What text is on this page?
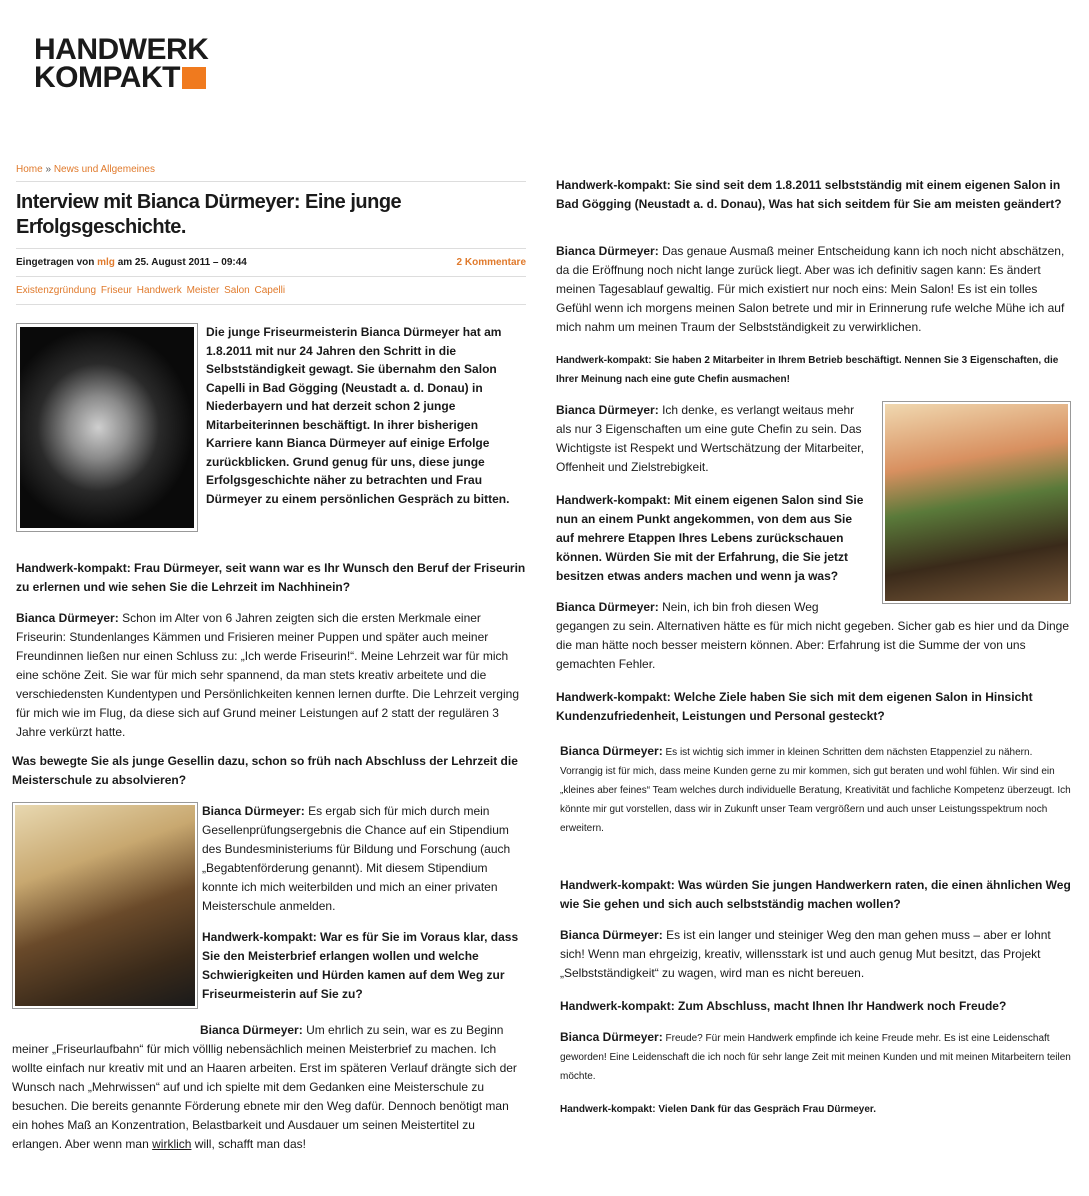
HANDWERK
KOMPAKT
Home » News und Allgemeines
Interview mit Bianca Dürmeyer: Eine junge Erfolgsgeschichte.
Eingetragen von mlg am 25. August 2011 – 09:44	2 Kommentare
Existenzgründung Friseur Handwerk Meister Salon Capelli

Die junge Friseurmeisterin Bianca Dürmeyer hat am 1.8.2011 mit nur 24 Jahren den Schritt in die Selbstständigkeit gewagt. Sie übernahm den Salon Capelli in Bad Gögging (Neustadt a. d. Donau) in Niederbayern und hat derzeit schon 2 junge Mitarbeiterinnen beschäftigt. In ihrer bisherigen Karriere kann Bianca Dürmeyer auf einige Erfolge zurückblicken. Grund genug für uns, diese junge Erfolgsgeschichte näher zu betrachten und Frau Dürmeyer zu einem persönlichen Gespräch zu bitten.

Handwerk-kompakt: Frau Dürmeyer, seit wann war es Ihr Wunsch den Beruf der Friseurin zu erlernen und wie sehen Sie die Lehrzeit im Nachhinein?

Bianca Dürmeyer: Schon im Alter von 6 Jahren zeigten sich die ersten Merkmale einer Friseurin: Stundenlanges Kämmen und Frisieren meiner Puppen und später auch meiner Freundinnen ließen nur einen Schluss zu: „Ich werde Friseurin!“. Meine Lehrzeit war für mich eine schöne Zeit. Sie war für mich sehr spannend, da man stets kreativ arbeitete und die verschiedensten Kundentypen und Persönlichkeiten kennen lernen durfte. Die Lehrzeit verging für mich wie im Flug, da diese sich auf Grund meiner Leistungen auf 2 statt der regulären 3 Jahre verkürzt hatte.

Was bewegte Sie als junge Gesellin dazu, schon so früh nach Abschluss der Lehrzeit die Meisterschule zu absolvieren?

Bianca Dürmeyer: Es ergab sich für mich durch mein Gesellenprüfungsergebnis die Chance auf ein Stipendium des Bundesministeriums für Bildung und Forschung (auch „Begabtenförderung genannt). Mit diesem Stipendium konnte ich mich weiterbilden und mich an einer privaten Meisterschule anmelden.

Handwerk-kompakt: War es für Sie im Voraus klar, dass Sie den Meisterbrief erlangen wollen und welche Schwierigkeiten und Hürden kamen auf dem Weg zur Friseurmeisterin auf Sie zu?

Bianca Dürmeyer: Um ehrlich zu sein, war es zu Beginn meiner „Friseurlaufbahn“ für mich völllig nebensächlich meinen Meisterbrief zu machen. Ich wollte einfach nur kreativ mit und an Haaren arbeiten. Erst im späteren Verlauf drängte sich der Wunsch nach „Mehrwissen“ auf und ich spielte mit dem Gedanken eine Meisterschule zu besuchen. Die bereits genannte Förderung ebnete mir den Weg dafür. Dennoch benötigt man ein hohes Maß an Konzentration, Belastbarkeit und Ausdauer um seinen Meistertitel zu erlangen. Aber wenn man wirklich will, schafft man das!

Handwerk-kompakt: Sie sind seit dem 1.8.2011 selbstständig mit einem eigenen Salon in Bad Gögging (Neustadt a. d. Donau), Was hat sich seitdem für Sie am meisten geändert?

Bianca Dürmeyer: Das genaue Ausmaß meiner Entscheidung kann ich noch nicht abschätzen, da die Eröffnung noch nicht lange zurück liegt. Aber was ich definitiv sagen kann: Es ändert meinen Tagesablauf gewaltig. Für mich existiert nur noch eins: Mein Salon! Es ist ein tolles Gefühl wenn ich morgens meinen Salon betrete und mir in Erinnerung rufe welche Mühe ich auf mich nahm um meinen Traum der Selbstständigkeit zu verwirklichen.

Handwerk-kompakt: Sie haben 2 Mitarbeiter in Ihrem Betrieb beschäftigt. Nennen Sie 3 Eigenschaften, die Ihrer Meinung nach eine gute Chefin ausmachen!

Bianca Dürmeyer: Ich denke, es verlangt weitaus mehr als nur 3 Eigenschaften um eine gute Chefin zu sein. Das Wichtigste ist Respekt und Wertschätzung der Mitarbeiter, Offenheit und Zielstrebigkeit.

Handwerk-kompakt: Mit einem eigenen Salon sind Sie nun an einem Punkt angekommen, von dem aus Sie auf mehrere Etappen Ihres Lebens zurückschauen können. Würden Sie mit der Erfahrung, die Sie jetzt besitzen etwas anders machen und wenn ja was?

Bianca Dürmeyer: Nein, ich bin froh diesen Weg gegangen zu sein. Alternativen hätte es für mich nicht gegeben. Sicher gab es hier und da Dinge die man hätte noch besser meistern können. Aber: Erfahrung ist die Summe der von uns gemachten Fehler.

Handwerk-kompakt: Welche Ziele haben Sie sich mit dem eigenen Salon in Hinsicht Kundenzufriedenheit, Leistungen und Personal gesteckt?

Bianca Dürmeyer: Es ist wichtig sich immer in kleinen Schritten dem nächsten Etappenziel zu nähern. Vorrangig ist für mich, dass meine Kunden gerne zu mir kommen, sich gut beraten und wohl fühlen. Wir sind ein „kleines aber feines“ Team welches durch individuelle Beratung, Kreativität und fachliche Kompetenz überzeugt. Ich könnte mir gut vorstellen, dass wir in Zukunft unser Team vergrößern und auch unser Leistungsspektrum noch erweitern.

Handwerk-kompakt: Was würden Sie jungen Handwerkern raten, die einen ähnlichen Weg wie Sie gehen und sich auch selbstständig machen wollen?

Bianca Dürmeyer: Es ist ein langer und steiniger Weg den man gehen muss – aber er lohnt sich! Wenn man ehrgeizig, kreativ, willensstark ist und auch genug Mut besitzt, das Projekt „Selbstständigkeit“ zu wagen, wird man es nicht bereuen.

Handwerk-kompakt: Zum Abschluss, macht Ihnen Ihr Handwerk noch Freude?

Bianca Dürmeyer: Freude? Für mein Handwerk empfinde ich keine Freude mehr. Es ist eine Leidenschaft geworden! Eine Leidenschaft die ich noch für sehr lange Zeit mit meinen Kunden und mit meinen Mitarbeitern teilen möchte.

Handwerk-kompakt: Vielen Dank für das Gespräch Frau Dürmeyer.
